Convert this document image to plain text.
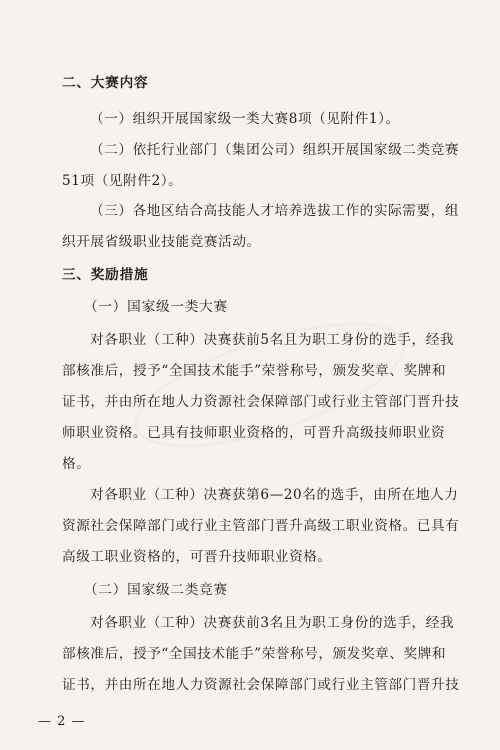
二、大赛内容
（一）组织开展国家级一类大赛8项（见附件1）。
（二）依托行业部门（集团公司）组织开展国家级二类竞赛
51项（见附件2）。
（三）各地区结合高技能人才培养选拔工作的实际需要，组
织开展省级职业技能竞赛活动。
三、奖励措施
（一）国家级一类大赛
对各职业（工种）决赛获前5名且为职工身份的选手，经我
部核准后，授予“全国技术能手”荣誉称号，颁发奖章、奖牌和
证书，并由所在地人力资源社会保障部门或行业主管部门晋升技
师职业资格。已具有技师职业资格的，可晋升高级技师职业资
格。
对各职业（工种）决赛获第6—20名的选手，由所在地人力
资源社会保障部门或行业主管部门晋升高级工职业资格。已具有
高级工职业资格的，可晋升技师职业资格。
（二）国家级二类竞赛
对各职业（工种）决赛获前3名且为职工身份的选手，经我
部核准后，授予“全国技术能手”荣誉称号，颁发奖章、奖牌和
证书，并由所在地人力资源社会保障部门或行业主管部门晋升技
— 2 —
